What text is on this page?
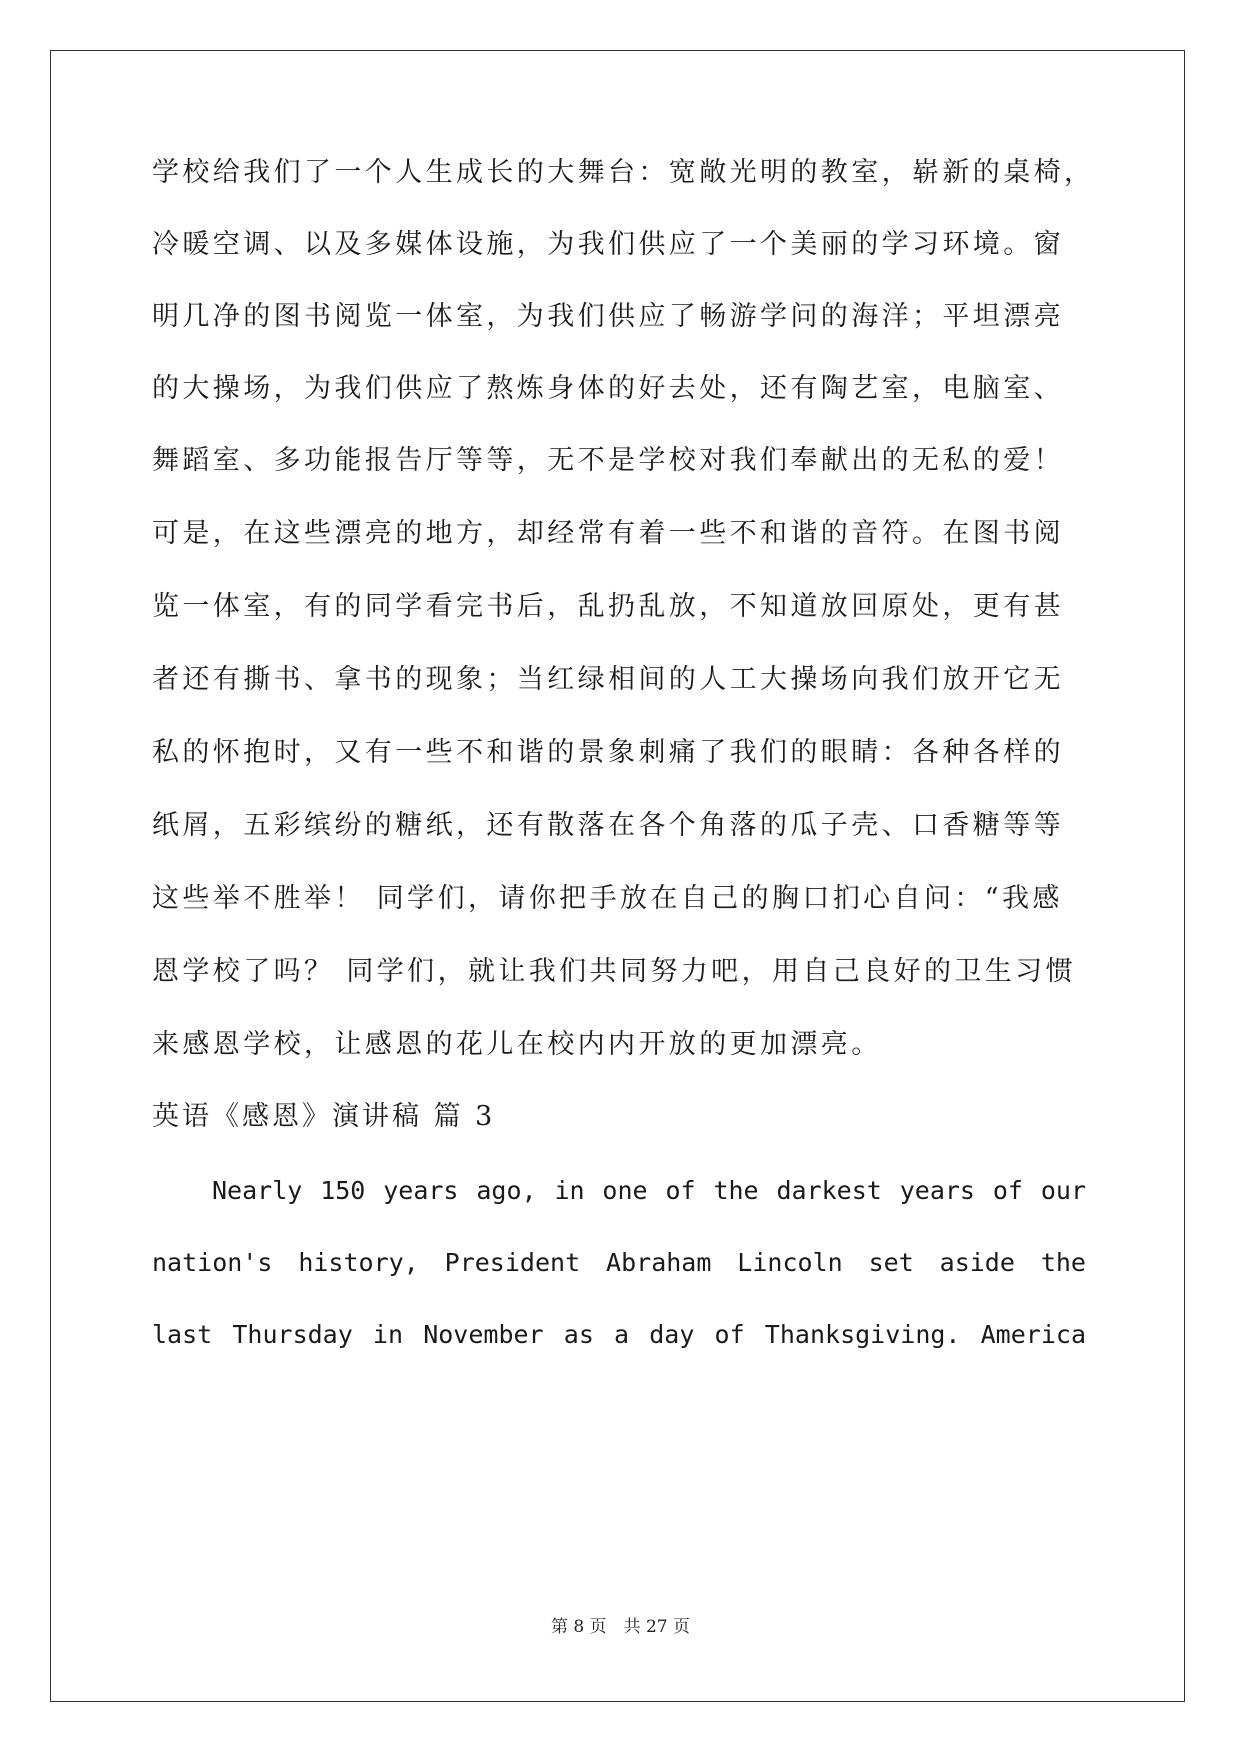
学校给我们了一个人生成长的大舞台：宽敞光明的教室，崭新的桌椅，
冷暖空调、以及多媒体设施，为我们供应了一个美丽的学习环境。窗
明几净的图书阅览一体室，为我们供应了畅游学问的海洋；平坦漂亮
的大操场，为我们供应了熬炼身体的好去处，还有陶艺室，电脑室、
舞蹈室、多功能报告厅等等，无不是学校对我们奉献出的无私的爱！
可是，在这些漂亮的地方，却经常有着一些不和谐的音符。在图书阅
览一体室，有的同学看完书后，乱扔乱放，不知道放回原处，更有甚
者还有撕书、拿书的现象；当红绿相间的人工大操场向我们放开它无
私的怀抱时，又有一些不和谐的景象刺痛了我们的眼睛：各种各样的
纸屑，五彩缤纷的糖纸，还有散落在各个角落的瓜子壳、口香糖等等
这些举不胜举！ 同学们，请你把手放在自己的胸口扪心自问：“我感
恩学校了吗？ 同学们，就让我们共同努力吧，用自己良好的卫生习惯
来感恩学校，让感恩的花儿在校内内开放的更加漂亮。
英语《感恩》演讲稿 篇 3
Nearly 150 years ago, in one of the darkest years of our
nation's history, President Abraham Lincoln set aside the
last Thursday in November as a day of Thanksgiving. America
第 8 页　共 27 页
